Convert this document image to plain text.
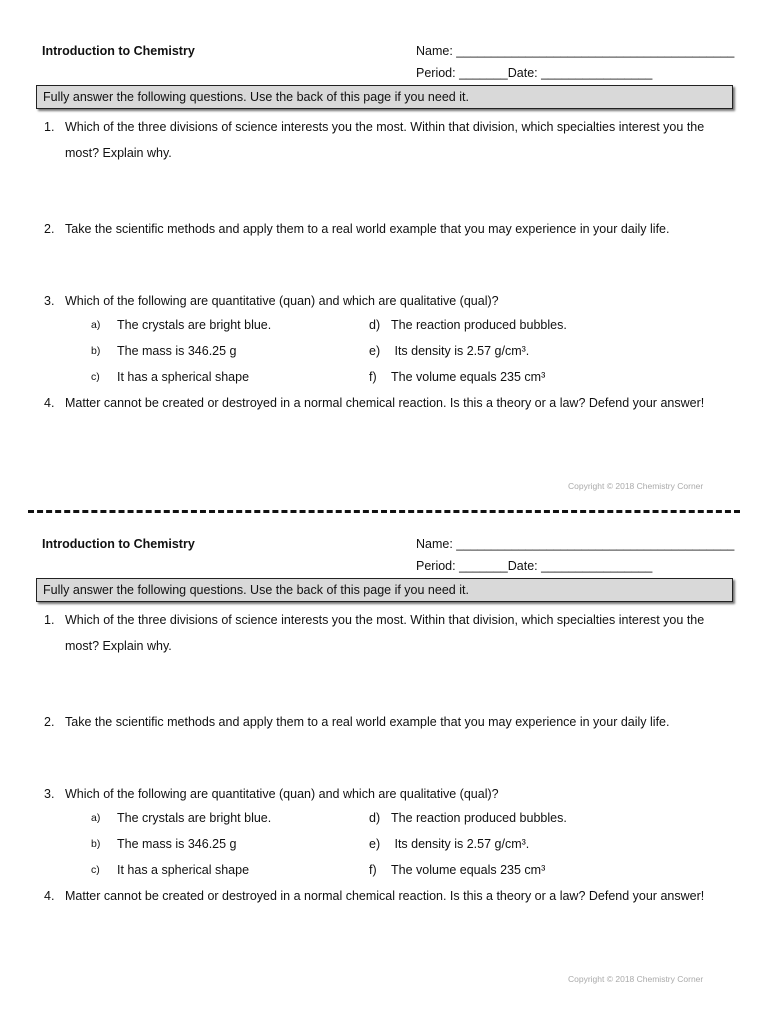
Introduction to Chemistry	Name: ________________________________________
Period: _______Date: ________________
Fully answer the following questions. Use the back of this page if you need it.
1. Which of the three divisions of science interests you the most. Within that division, which specialties interest you the most? Explain why.
2. Take the scientific methods and apply them to a real world example that you may experience in your daily life.
3. Which of the following are quantitative (quan) and which are qualitative (qual)?
a) The crystals are bright blue.
b) The mass is 346.25 g
c) It has a spherical shape
d) The reaction produced bubbles.
e) Its density is 2.57 g/cm³.
f) The volume equals 235 cm³
4. Matter cannot be created or destroyed in a normal chemical reaction. Is this a theory or a law? Defend your answer!
Copyright © 2018 Chemistry Corner
Introduction to Chemistry	Name: ________________________________________
Period: _______Date: ________________
Fully answer the following questions. Use the back of this page if you need it.
1. Which of the three divisions of science interests you the most. Within that division, which specialties interest you the most? Explain why.
2. Take the scientific methods and apply them to a real world example that you may experience in your daily life.
3. Which of the following are quantitative (quan) and which are qualitative (qual)?
a) The crystals are bright blue.
b) The mass is 346.25 g
c) It has a spherical shape
d) The reaction produced bubbles.
e) Its density is 2.57 g/cm³.
f) The volume equals 235 cm³
4. Matter cannot be created or destroyed in a normal chemical reaction. Is this a theory or a law? Defend your answer!
Copyright © 2018 Chemistry Corner
